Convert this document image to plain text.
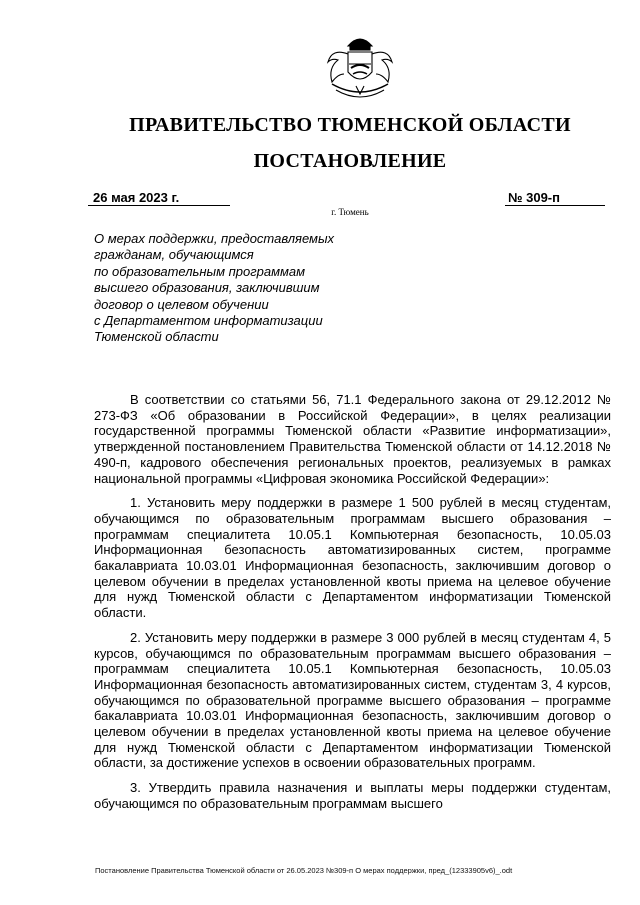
ПРАВИТЕЛЬСТВО ТЮМЕНСКОЙ ОБЛАСТИ
ПОСТАНОВЛЕНИЕ
26 мая 2023 г.	№ 309-п
г. Тюмень
О мерах поддержки, предоставляемых
гражданам, обучающимся
по образовательным программам
высшего образования, заключившим
договор о целевом обучении
с Департаментом информатизации
Тюменской области

В соответствии со статьями 56, 71.1 Федерального закона от 29.12.2012 № 273-ФЗ «Об образовании в Российской Федерации», в целях реализации государственной программы Тюменской области «Развитие информатизации», утвержденной постановлением Правительства Тюменской области от 14.12.2018 № 490-п, кадрового обеспечения региональных проектов, реализуемых в рамках национальной программы «Цифровая экономика Российской Федерации»:

1. Установить меру поддержки в размере 1 500 рублей в месяц студентам, обучающимся по образовательным программам высшего образования – программам специалитета 10.05.1 Компьютерная безопасность, 10.05.03 Информационная безопасность автоматизированных систем, программе бакалавриата 10.03.01 Информационная безопасность, заключившим договор о целевом обучении в пределах установленной квоты приема на целевое обучение для нужд Тюменской области с Департаментом информатизации Тюменской области.

2. Установить меру поддержки в размере 3 000 рублей в месяц студентам 4, 5 курсов, обучающимся по образовательным программам высшего образования – программам специалитета 10.05.1 Компьютерная безопасность, 10.05.03 Информационная безопасность автоматизированных систем, студентам 3, 4 курсов, обучающимся по образовательной программе высшего образования – программе бакалавриата 10.03.01 Информационная безопасность, заключившим договор о целевом обучении в пределах установленной квоты приема на целевое обучение для нужд Тюменской области с Департаментом информатизации Тюменской области, за достижение успехов в освоении образовательных программ.

3. Утвердить правила назначения и выплаты меры поддержки студентам, обучающимся по образовательным программам высшего

Постановление Правительства Тюменской области от 26.05.2023 №309-п О мерах поддержки, пред_(12333905v6)_.odt
